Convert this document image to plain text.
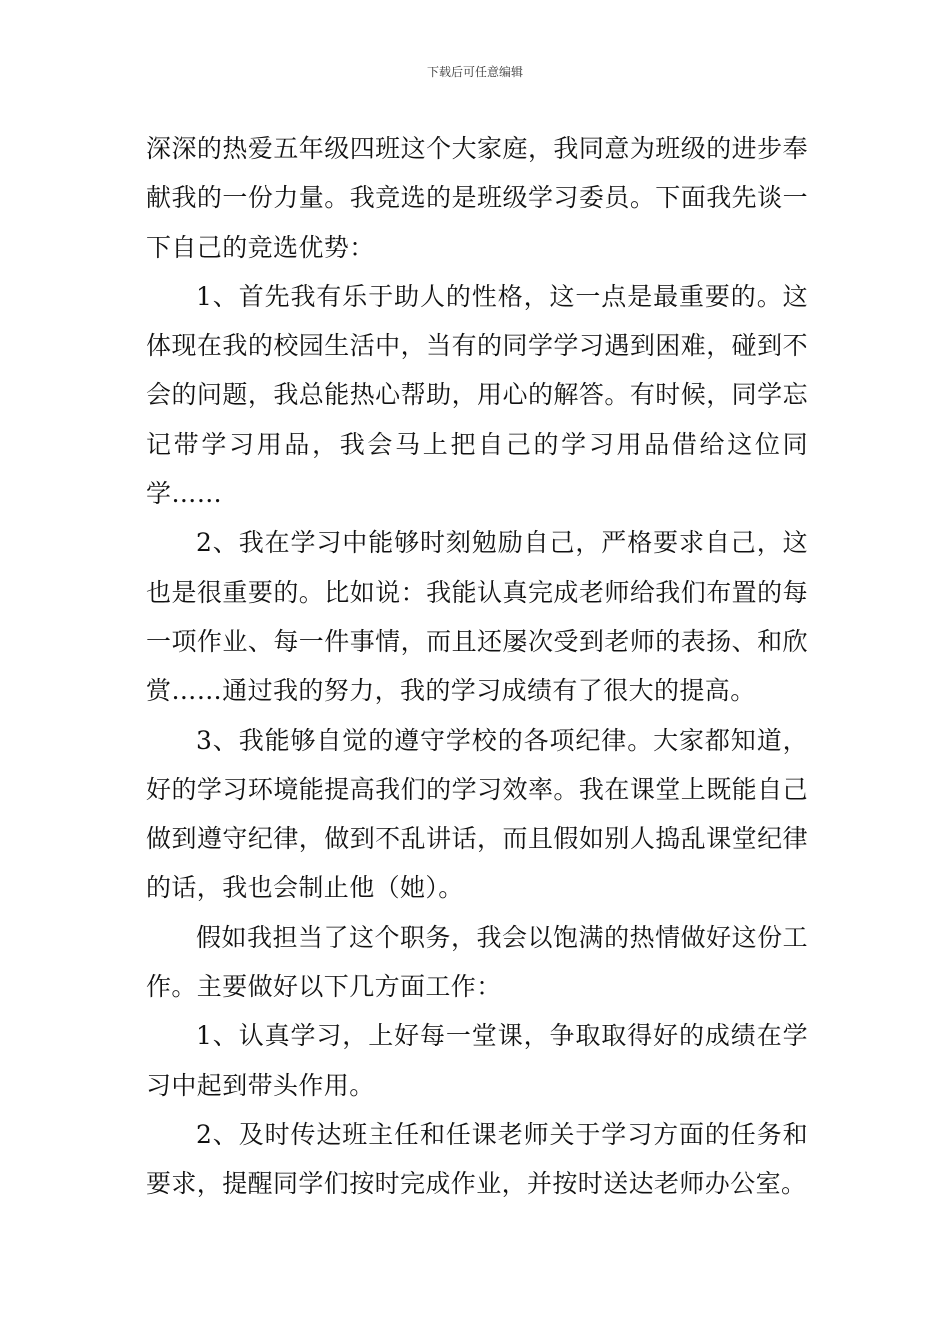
下载后可任意编辑

深深的热爱五年级四班这个大家庭，我同意为班级的进步奉献我的一份力量。我竞选的是班级学习委员。下面我先谈一下自己的竞选优势：

1、首先我有乐于助人的性格，这一点是最重要的。这体现在我的校园生活中，当有的同学学习遇到困难，碰到不会的问题，我总能热心帮助，用心的解答。有时候，同学忘记带学习用品，我会马上把自己的学习用品借给这位同学……

2、我在学习中能够时刻勉励自己，严格要求自己，这也是很重要的。比如说：我能认真完成老师给我们布置的每一项作业、每一件事情，而且还屡次受到老师的表扬、和欣赏……通过我的努力，我的学习成绩有了很大的提高。

3、我能够自觉的遵守学校的各项纪律。大家都知道，好的学习环境能提高我们的学习效率。我在课堂上既能自己做到遵守纪律，做到不乱讲话，而且假如别人捣乱课堂纪律的话，我也会制止他（她）。

假如我担当了这个职务，我会以饱满的热情做好这份工作。主要做好以下几方面工作：

1、认真学习，上好每一堂课，争取取得好的成绩在学习中起到带头作用。

2、及时传达班主任和任课老师关于学习方面的任务和要求，提醒同学们按时完成作业，并按时送达老师办公室。
